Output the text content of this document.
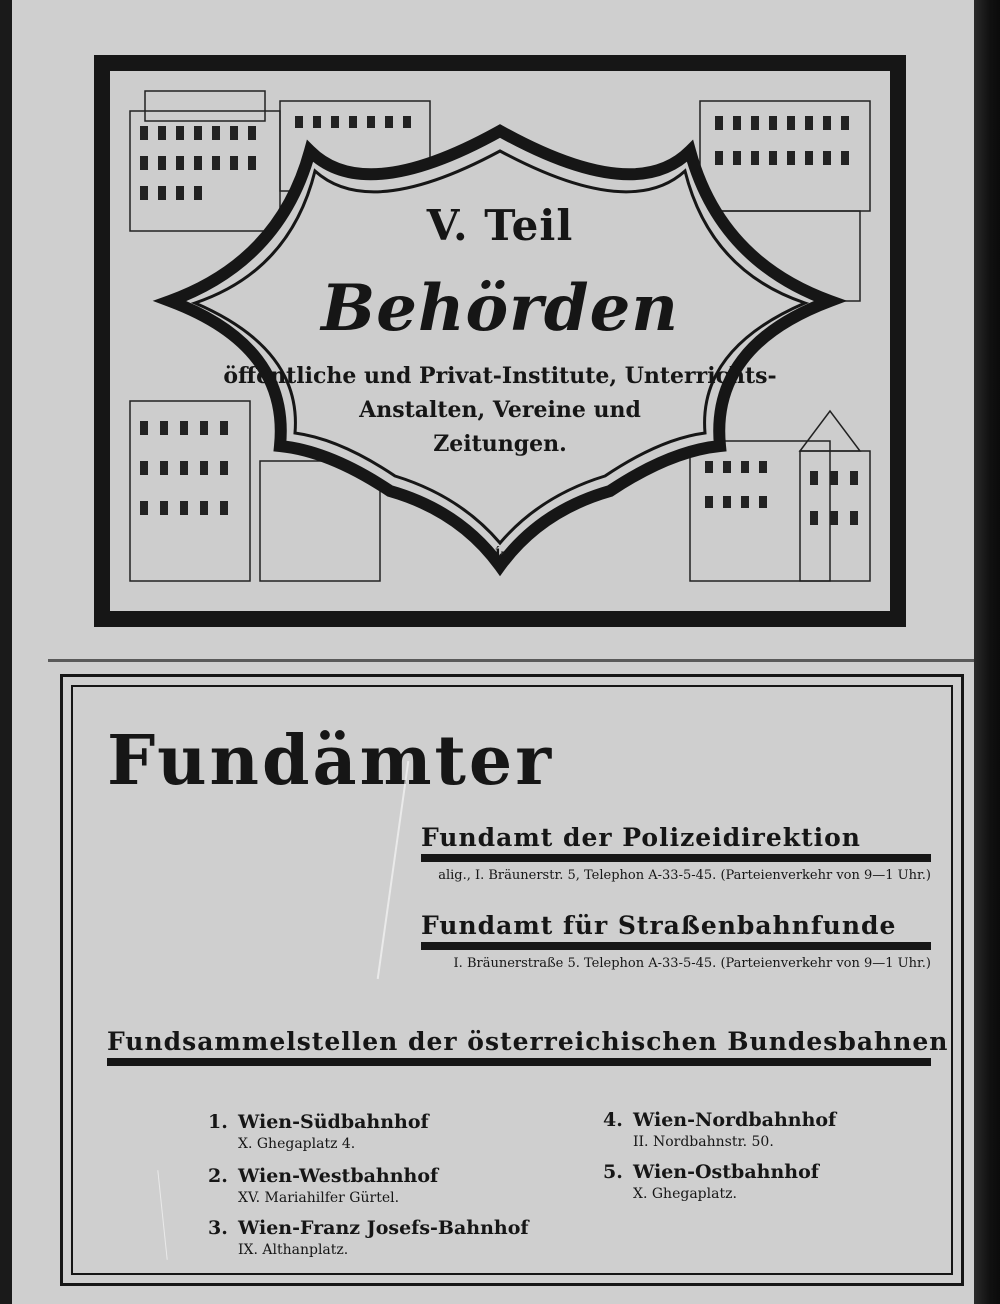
V. Teil
Behörden
öffentliche und Privat-Institute, Unterrichts-
Anstalten, Vereine und
Zeitungen.
ḱ
Fundämter
Fundamt der Polizeidirektion
alig., I. Bräunerstr. 5, Telephon A-33-5-45. (Parteienverkehr von 9—1 Uhr.)
Fundamt für Straßenbahnfunde
I. Bräunerstraße 5. Telephon A-33-5-45. (Parteienverkehr von 9—1 Uhr.)
Fundsammelstellen der österreichischen Bundesbahnen
1. Wien-Südbahnhof
X. Ghegaplatz 4.
2. Wien-Westbahnhof
XV. Mariahilfer Gürtel.
3. Wien-Franz Josefs-Bahnhof
IX. Althanplatz.
4. Wien-Nordbahnhof
II. Nordbahnstr. 50.
5. Wien-Ostbahnhof
X. Ghegaplatz.
